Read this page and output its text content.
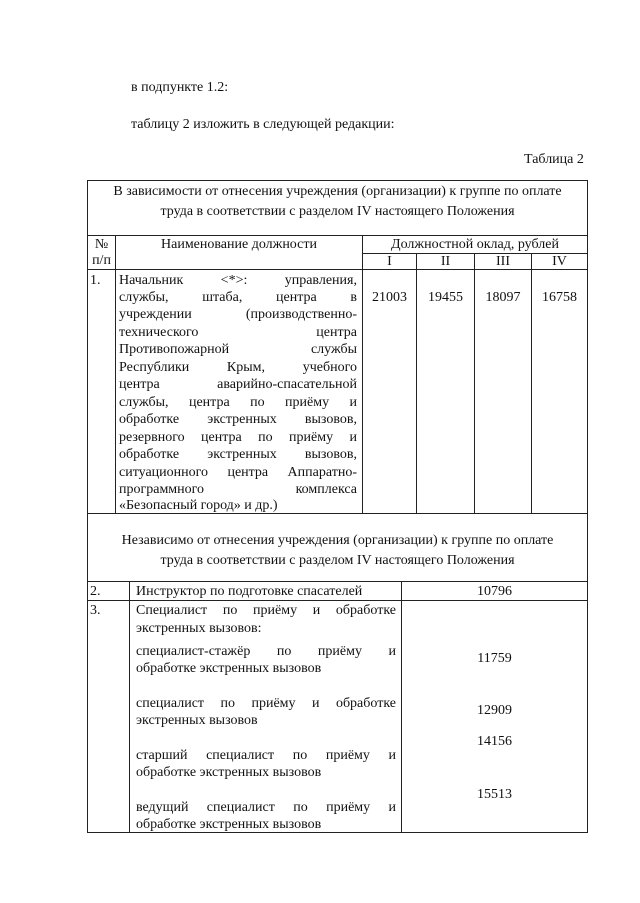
в подпункте 1.2:
таблицу 2 изложить в следующей редакции:
Таблица 2
В зависимости от отнесения учреждения (организации) к группе по оплате
труда в соответствии с разделом IV настоящего Положения
№
п/п
Наименование должности	Должностной оклад, рублей
I	II	III	IV
1. Начальник <*>: управления,
службы, штаба, центра в
учреждении (производственно-
технического центра
Противопожарной службы
Республики Крым, учебного
центра аварийно-спасательной
службы, центра по приёму и
обработке экстренных вызовов,
резервного центра по приёму и
обработке экстренных вызовов,
ситуационного центра Аппаратно-
программного комплекса
«Безопасный город» и др.)
21003	19455	18097	16758
Независимо от отнесения учреждения (организации) к группе по оплате
труда в соответствии с разделом IV настоящего Положения
2.	Инструктор по подготовке спасателей	10796
3.	Специалист по приёму и обработке
экстренных вызовов:
специалист-стажёр по приёму и
обработке экстренных вызовов
11759
специалист по приёму и обработке
экстренных вызовов
12909
старший специалист по приёму и
обработке экстренных вызовов
14156
ведущий специалист по приёму и
обработке экстренных вызовов
15513
